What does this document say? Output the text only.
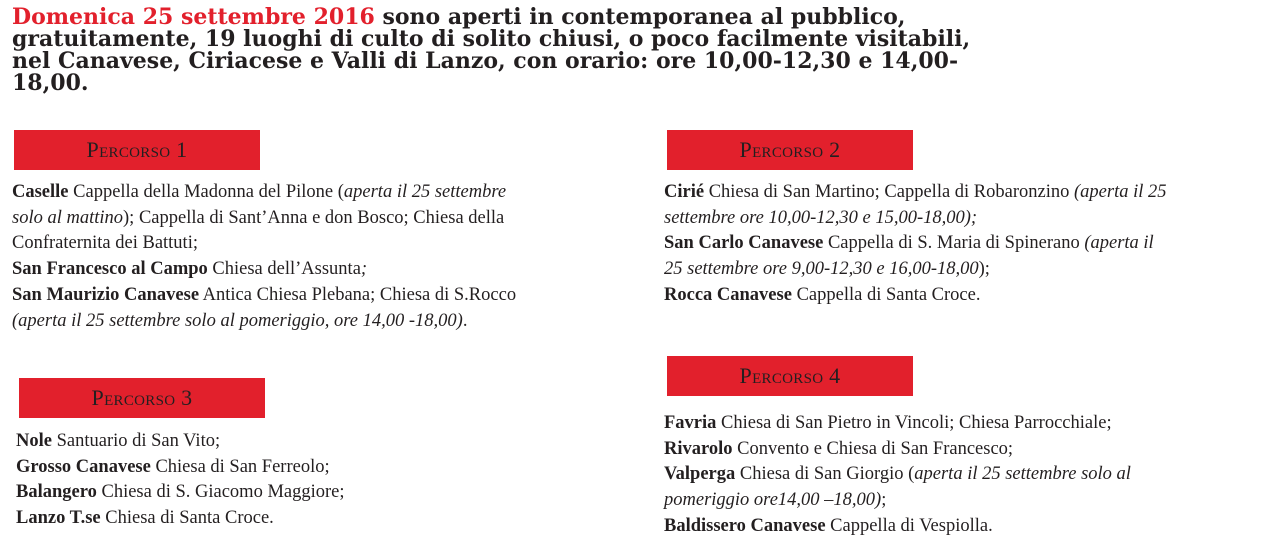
Domenica 25 settembre 2016 sono aperti in contemporanea al pubblico,
gratuitamente, 19 luoghi di culto di solito chiusi, o poco facilmente visitabili,
nel Canavese, Ciriacese e Valli di Lanzo, con orario: ore 10,00-12,30 e 14,00-
18,00.
Percorso 1
Caselle Cappella della Madonna del Pilone (aperta il 25 settembre
solo al mattino); Cappella di Sant’Anna e don Bosco; Chiesa della
Confraternita dei Battuti;
San Francesco al Campo Chiesa dell’Assunta;
San Maurizio Canavese Antica Chiesa Plebana; Chiesa di S.Rocco
(aperta il 25 settembre solo al pomeriggio, ore 14,00 -18,00).
Percorso 2
Cirié Chiesa di San Martino; Cappella di Robaronzino (aperta il 25
settembre ore 10,00-12,30 e 15,00-18,00);
San Carlo Canavese Cappella di S. Maria di Spinerano (aperta il
25 settembre ore 9,00-12,30 e 16,00-18,00);
Rocca Canavese Cappella di Santa Croce.
Percorso 3
Nole Santuario di San Vito;
Grosso Canavese Chiesa di San Ferreolo;
Balangero Chiesa di S. Giacomo Maggiore;
Lanzo T.se Chiesa di Santa Croce.
Percorso 4
Favria Chiesa di San Pietro in Vincoli; Chiesa Parrocchiale;
Rivarolo Convento e Chiesa di San Francesco;
Valperga Chiesa di San Giorgio (aperta il 25 settembre solo al
pomeriggio ore14,00 –18,00);
Baldissero Canavese Cappella di Vespiolla.
